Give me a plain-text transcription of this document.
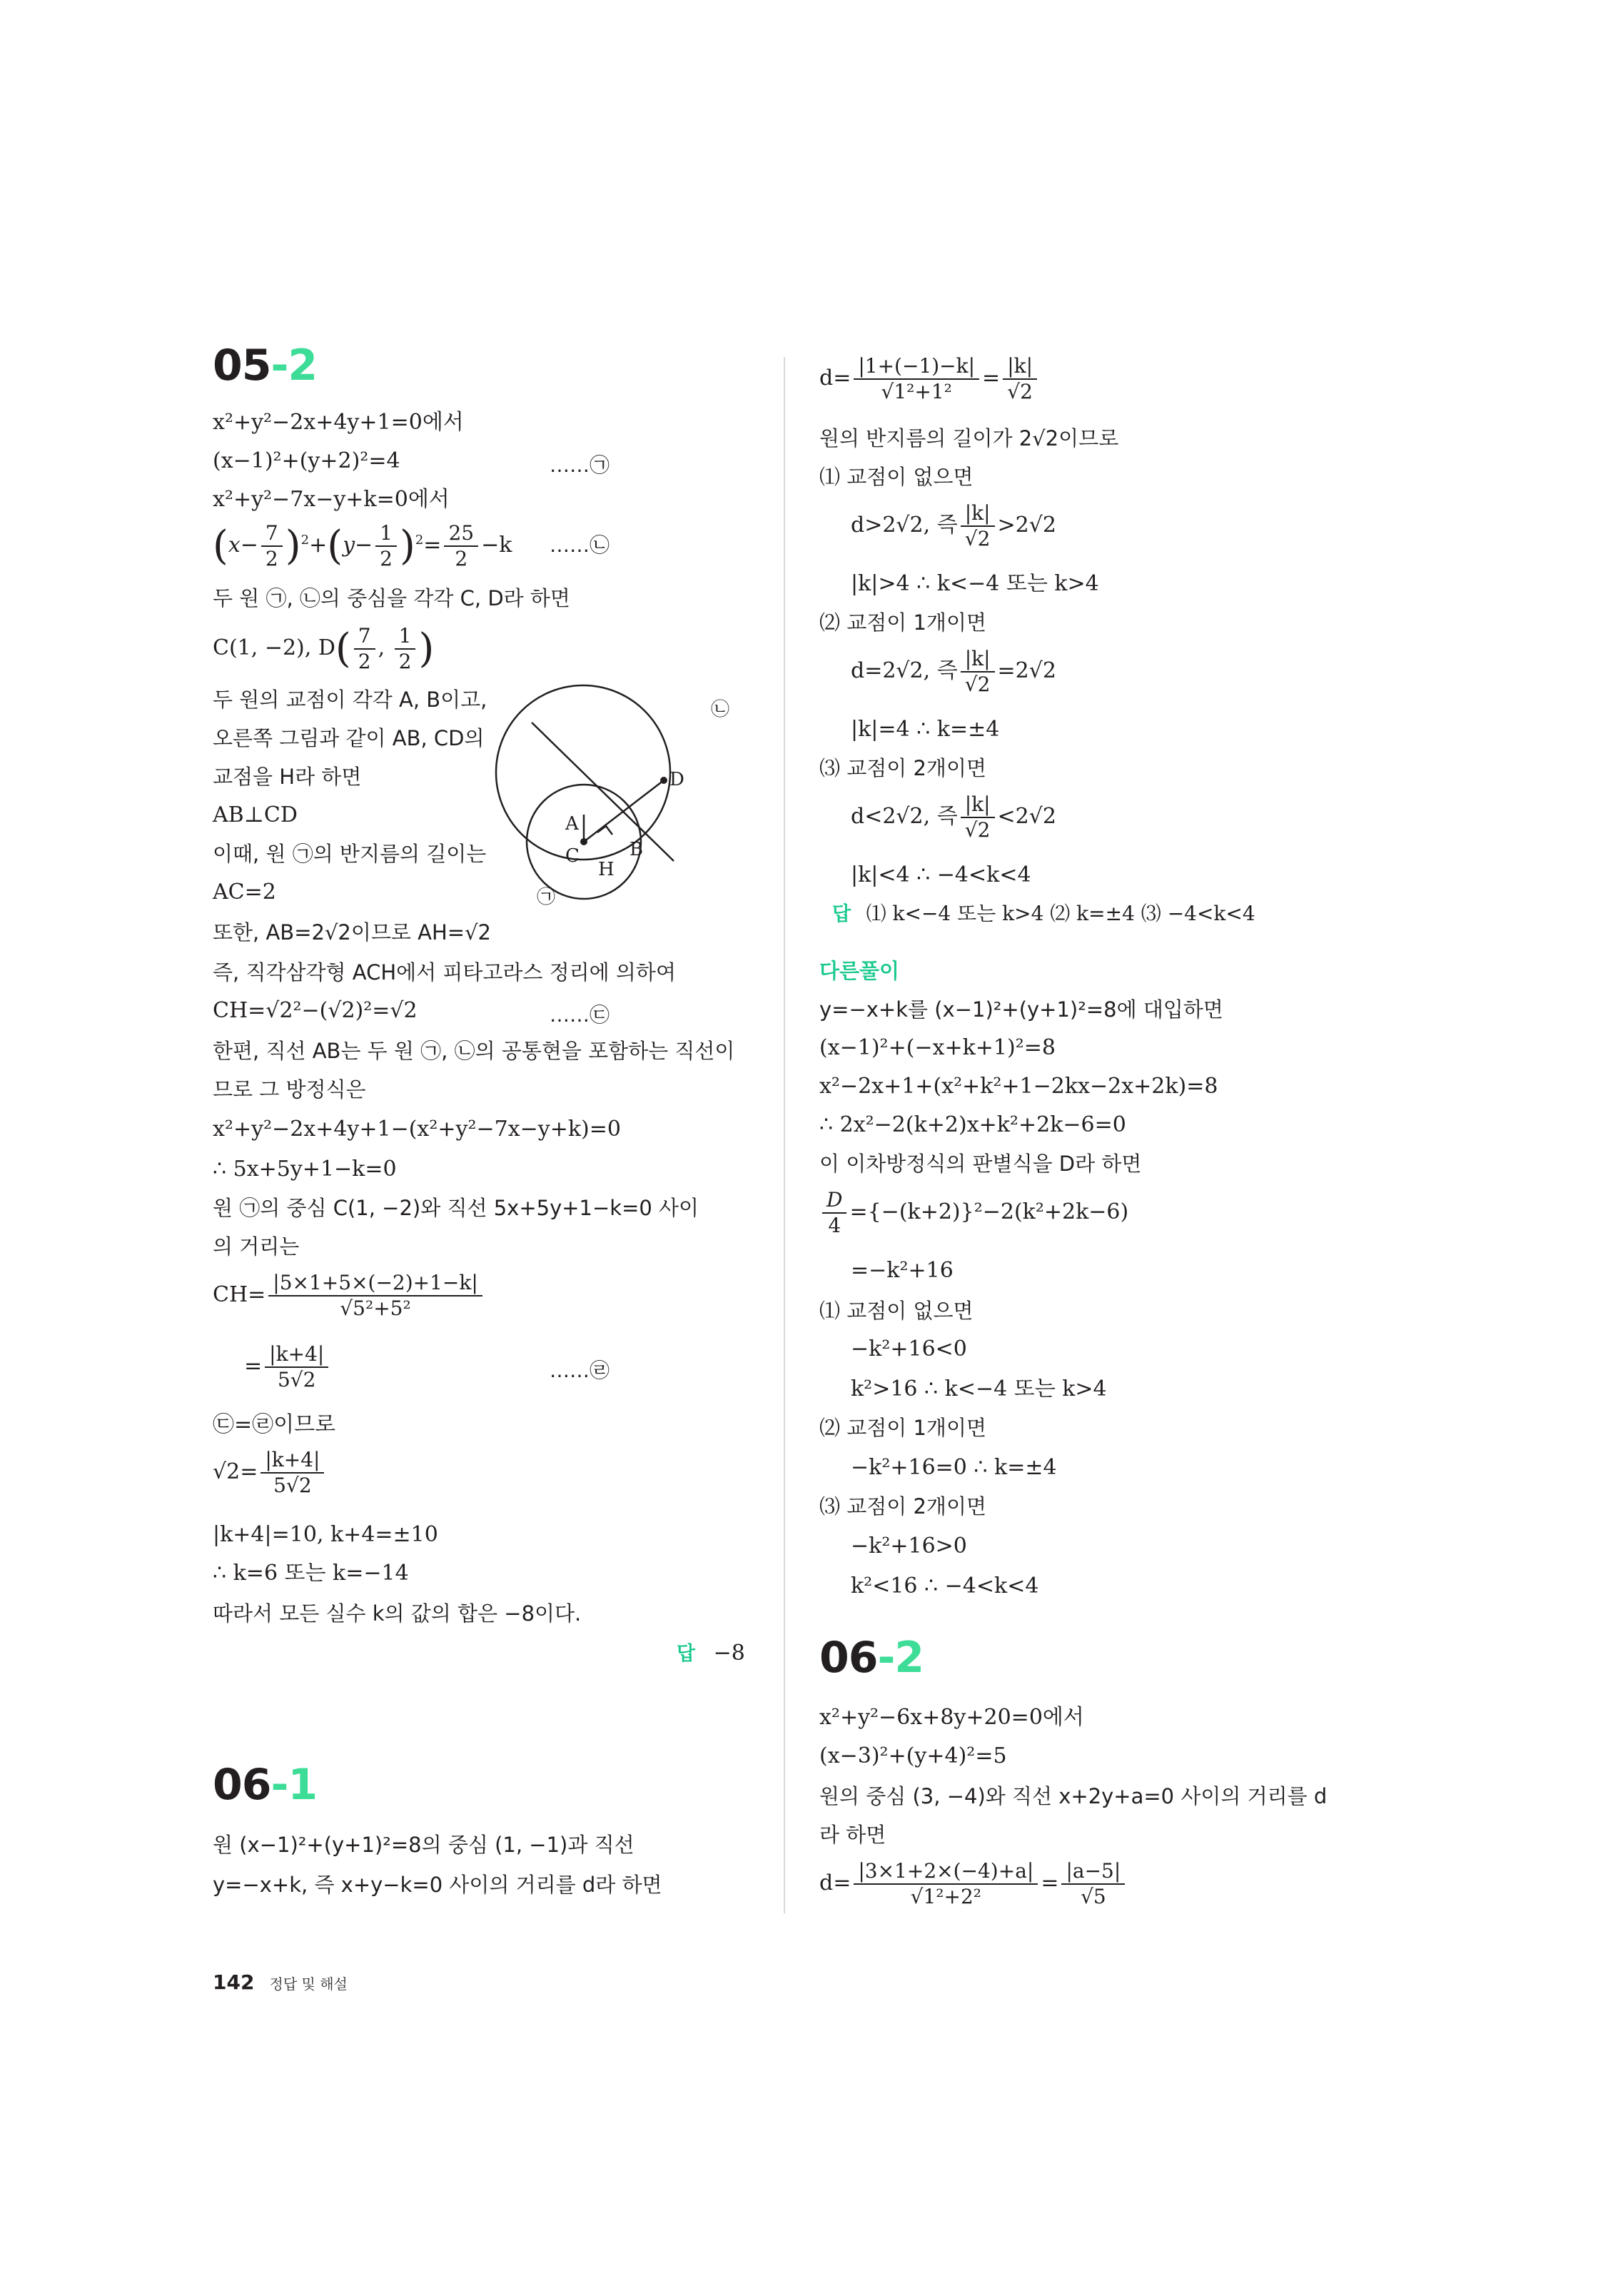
05-2
x²+y²−2x+4y+1=0에서
(x−1)²+(y+2)²=4	……㉠
x²+y²−7x−y+k=0에서
$(x- \frac{7}{2} )^2+(y- \frac{1}{2} )^2= \frac{25}{2} -k$ ……㉡
두 원 ㉠, ㉡의 중심을 각각 C, D라 하면
C(1, −2), $D( \frac{7}{2}$ , $\frac{1}{2}$ )
두 원의 교점이 각각 A, B이고,
오른쪽 그림과 같이 AB, CD의
교점을 H라 하면
AB⊥CD
이때, 원 ㉠의 반지름의 길이는
AC=2
또한, AB=2√2이므로 AH=√2
즉, 직각삼각형 ACH에서 피타고라스 정리에 의하여
CH=√2²−(√2)²=√2	……㉢
한편, 직선 AB는 두 원 ㉠, ㉡의 공통현을 포함하는 직선이
므로 그 방정식은
x²+y²−2x+4y+1−(x²+y²−7x−y+k)=0
∴ 5x+5y+1−k=0
원 ㉠의 중심 C(1, −2)와 직선 5x+5y+1−k=0 사이
의 거리는
$CH= \frac{|5\times 1+5\times(-2)+1-k|}{\text{√5²+5²}}$
= $\frac{|k+4|}{5√2}$	……㉣
㉢=㉣이므로
$√2= \frac{|k+4|}{5√2}$
|k+4|=10, k+4=±10
∴ k=6 또는 k=−14
따라서 모든 실수 k의 값의 합은 −8이다.
답 −8
06-1
원 (x−1)²+(y+1)²=8의 중심 (1, −1)과 직선
y=−x+k, 즉 x+y−k=0 사이의 거리를 d라 하면
A
B
C
D
H
㉠
㉡
$d= \frac{|1+(-1)-k|}{\text{√1²+1²}} = \frac{|k|}{√2}$
원의 반지름의 길이가 2√2이므로
⑴ 교점이 없으면
d>2√2, 즉 $\frac{|k|}{√2} >2√2$
|k|>4 ∴ k<−4 또는 k>4
⑵ 교점이 1개이면
d=2√2, 즉 $\frac{|k|}{√2} =2√2$
|k|=4 ∴ k=±4
⑶ 교점이 2개이면
d<2√2, 즉 $\frac{|k|}{√2} <2√2$
|k|<4 ∴ −4<k<4
답 ⑴ k<−4 또는 k>4 ⑵ k=±4 ⑶ −4<k<4
다른풀이
y=−x+k를 (x−1)²+(y+1)²=8에 대입하면
(x−1)²+(−x+k+1)²=8
x²−2x+1+(x²+k²+1−2kx−2x+2k)=8
∴ 2x²−2(k+2)x+k²+2k−6=0
이 이차방정식의 판별식을 D라 하면
$\frac{D}{4} =\{-(k+2)\}^2-2(k^2+2k-6)$
=−k²+16
⑴ 교점이 없으면
−k²+16<0
k²>16 ∴ k<−4 또는 k>4
⑵ 교점이 1개이면
−k²+16=0 ∴ k=±4
⑶ 교점이 2개이면
−k²+16>0
k²<16 ∴ −4<k<4
06-2
x²+y²−6x+8y+20=0에서
(x−3)²+(y+4)²=5
원의 중심 (3, −4)와 직선 x+2y+a=0 사이의 거리를 d
라 하면
$d= \frac{|3\times 1+2\times(-4)+a|}{\text{√1²+2²}} = \frac{|a-5|}{√5}$
142 정답 및 해설
